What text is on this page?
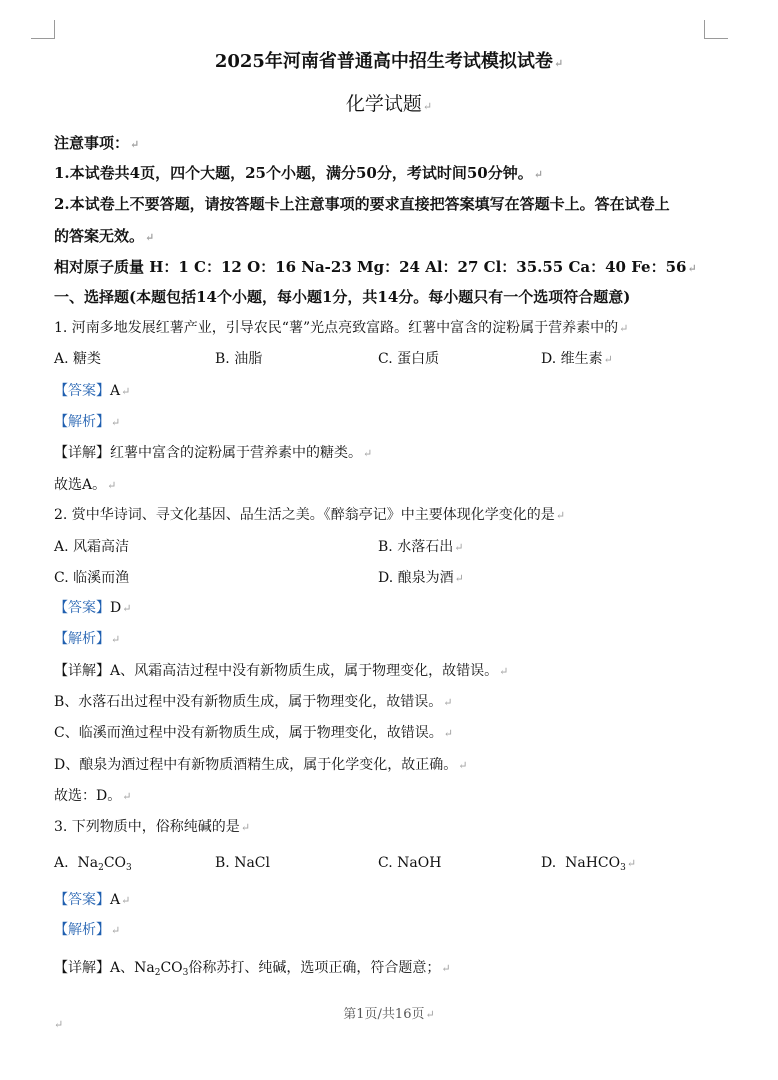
2025年河南省普通高中招生考试模拟试卷↵
化学试题↵
注意事项：↵
1.本试卷共4页，四个大题，25个小题，满分50分，考试时间50分钟。↵
2.本试卷上不要答题，请按答题卡上注意事项的要求直接把答案填写在答题卡上。答在试卷上
的答案无效。↵
相对原子质量 H：1 C：12 O：16 Na-23 Mg：24 Al：27 Cl：35.55 Ca：40 Fe：56↵
一、选择题(本题包括14个小题，每小题1分，共14分。每小题只有一个选项符合题意)
1. 河南多地发展红薯产业，引导农民“薯”光点亮致富路。红薯中富含的淀粉属于营养素中的↵
A. 糖类	B. 油脂	C. 蛋白质	D. 维生素↵
【答案】A↵
【解析】↵
【详解】红薯中富含的淀粉属于营养素中的糖类。↵
故选A。↵
2. 赏中华诗词、寻文化基因、品生活之美。《醉翁亭记》中主要体现化学变化的是↵
A. 风霜高洁	B. 水落石出↵
C. 临溪而渔	D. 酿泉为酒↵
【答案】D↵
【解析】↵
【详解】A、风霜高洁过程中没有新物质生成，属于物理变化，故错误。↵
B、水落石出过程中没有新物质生成，属于物理变化，故错误。↵
C、临溪而渔过程中没有新物质生成，属于物理变化，故错误。↵
D、酿泉为酒过程中有新物质酒精生成，属于化学变化，故正确。↵
故选：D。↵
3. 下列物质中，俗称纯碱的是↵
A. $Na_2CO_3$	B. NaCl	C. NaOH	D. NaHCO$_3$↵
【答案】A↵
【解析】↵
【详解】A、$Na_2CO_3$俗称苏打、纯碱，选项正确，符合题意；↵
第1页/共16页↵
↵
